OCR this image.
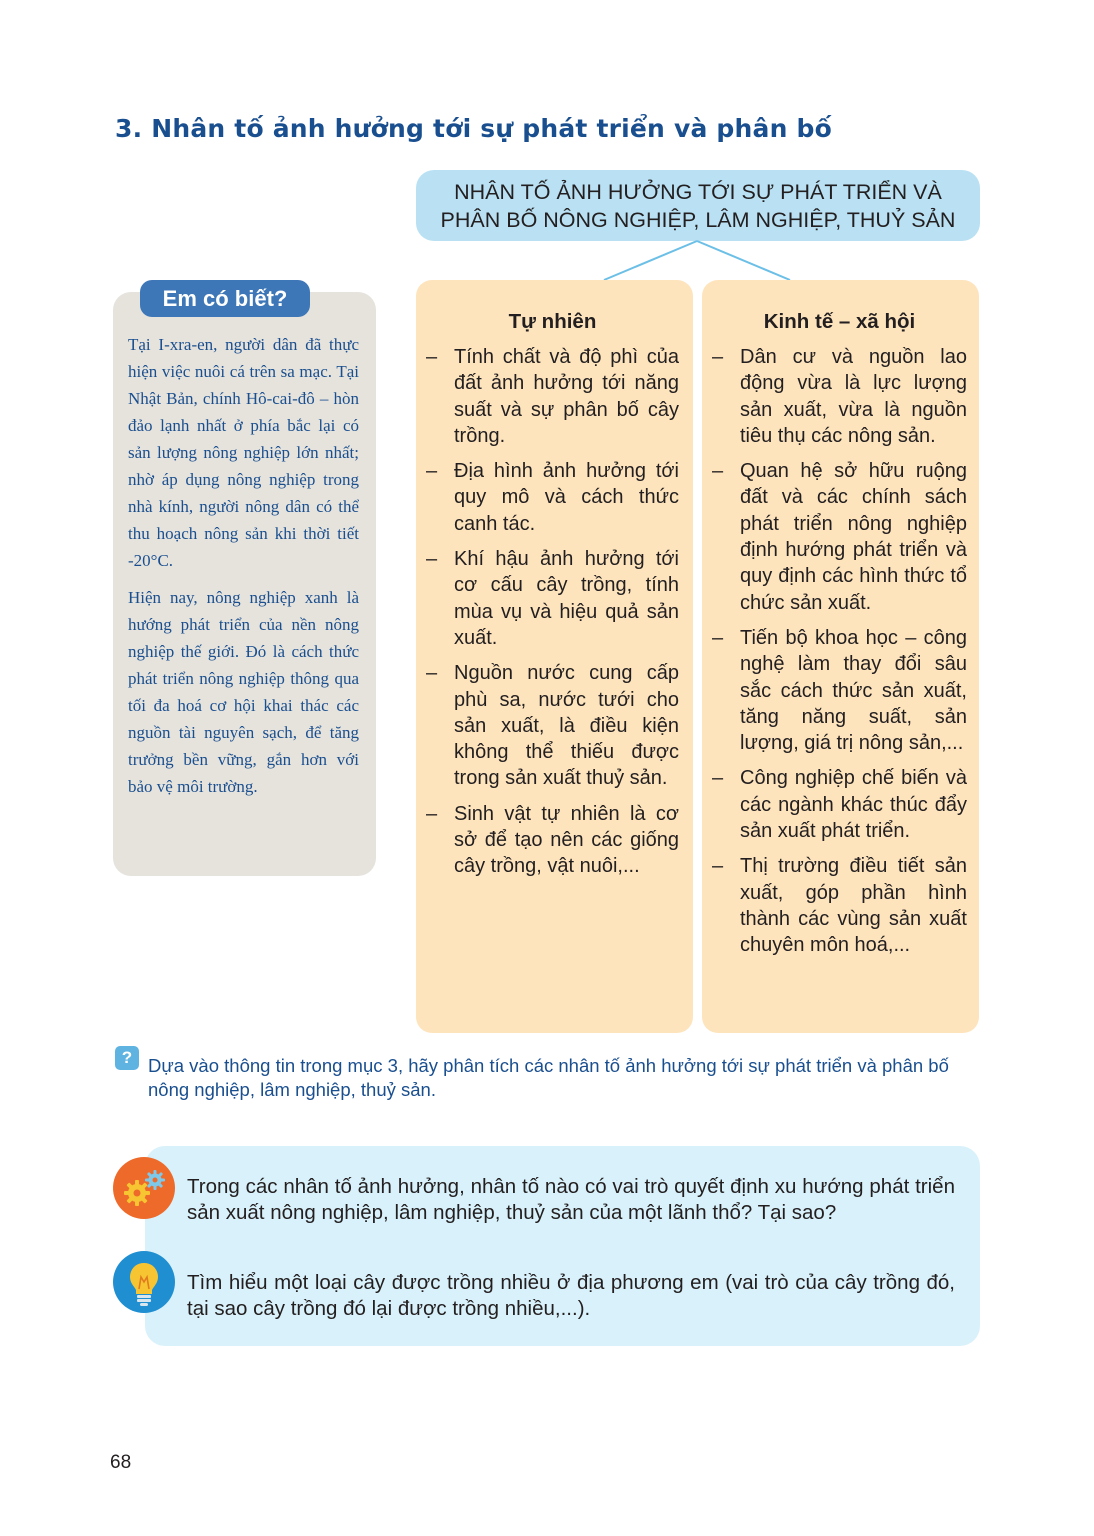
3. Nhân tố ảnh hưởng tới sự phát triển và phân bố
NHÂN TỐ ẢNH HƯỞNG TỚI SỰ PHÁT TRIỂN VÀ PHÂN BỐ NÔNG NGHIỆP, LÂM NGHIỆP, THUỶ SẢN
Tự nhiên
– Tính chất và độ phì của đất ảnh hưởng tới năng suất và sự phân bố cây trồng.
– Địa hình ảnh hưởng tới quy mô và cách thức canh tác.
– Khí hậu ảnh hưởng tới cơ cấu cây trồng, tính mùa vụ và hiệu quả sản xuất.
– Nguồn nước cung cấp phù sa, nước tưới cho sản xuất, là điều kiện không thể thiếu được trong sản xuất thuỷ sản.
– Sinh vật tự nhiên là cơ sở để tạo nên các giống cây trồng, vật nuôi,...
Kinh tế – xã hội
– Dân cư và nguồn lao động vừa là lực lượng sản xuất, vừa là nguồn tiêu thụ các nông sản.
– Quan hệ sở hữu ruộng đất và các chính sách phát triển nông nghiệp định hướng phát triển và quy định các hình thức tổ chức sản xuất.
– Tiến bộ khoa học – công nghệ làm thay đổi sâu sắc cách thức sản xuất, tăng năng suất, sản lượng, giá trị nông sản,...
– Công nghiệp chế biến và các ngành khác thúc đẩy sản xuất phát triển.
– Thị trường điều tiết sản xuất, góp phần hình thành các vùng sản xuất chuyên môn hoá,...
Em có biết?

Tại I-xra-en, người dân đã thực hiện việc nuôi cá trên sa mạc. Tại Nhật Bản, chính Hô-cai-đô – hòn đảo lạnh nhất ở phía bắc lại có sản lượng nông nghiệp lớn nhất; nhờ áp dụng nông nghiệp trong nhà kính, người nông dân có thể thu hoạch nông sản khi thời tiết -20°C.

Hiện nay, nông nghiệp xanh là hướng phát triển của nền nông nghiệp thế giới. Đó là cách thức phát triển nông nghiệp thông qua tối đa hoá cơ hội khai thác các nguồn tài nguyên sạch, để tăng trưởng bền vững, gắn hơn với bảo vệ môi trường.

? Dựa vào thông tin trong mục 3, hãy phân tích các nhân tố ảnh hưởng tới sự phát triển và phân bố nông nghiệp, lâm nghiệp, thuỷ sản.

Trong các nhân tố ảnh hưởng, nhân tố nào có vai trò quyết định xu hướng phát triển sản xuất nông nghiệp, lâm nghiệp, thuỷ sản của một lãnh thổ? Tại sao?

Tìm hiểu một loại cây được trồng nhiều ở địa phương em (vai trò của cây trồng đó, tại sao cây trồng đó lại được trồng nhiều,...).

68
